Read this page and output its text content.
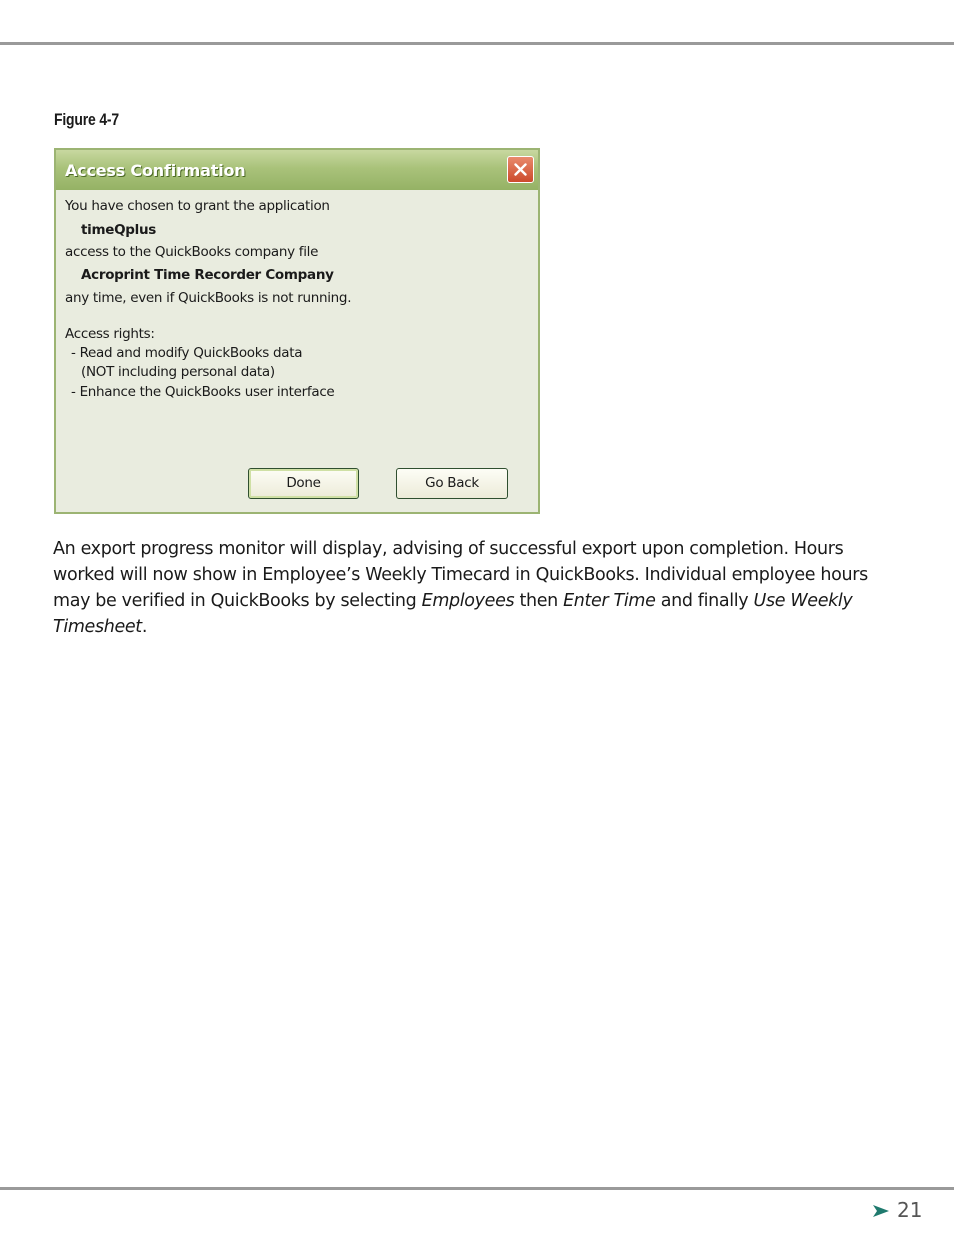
Figure 4-7
Access Confirmation
You have chosen to grant the application
timeQplus
access to the QuickBooks company file
Acroprint Time Recorder Company
any time, even if QuickBooks is not running.
Access rights:
- Read and modify QuickBooks data
(NOT including personal data)
- Enhance the QuickBooks user interface
Done	Go Back
An export progress monitor will display, advising of successful export upon completion. Hours worked will now show in Employee’s Weekly Timecard in QuickBooks. Individual employee hours may be verified in QuickBooks by selecting Employees then Enter Time and finally Use Weekly Timesheet.
21
